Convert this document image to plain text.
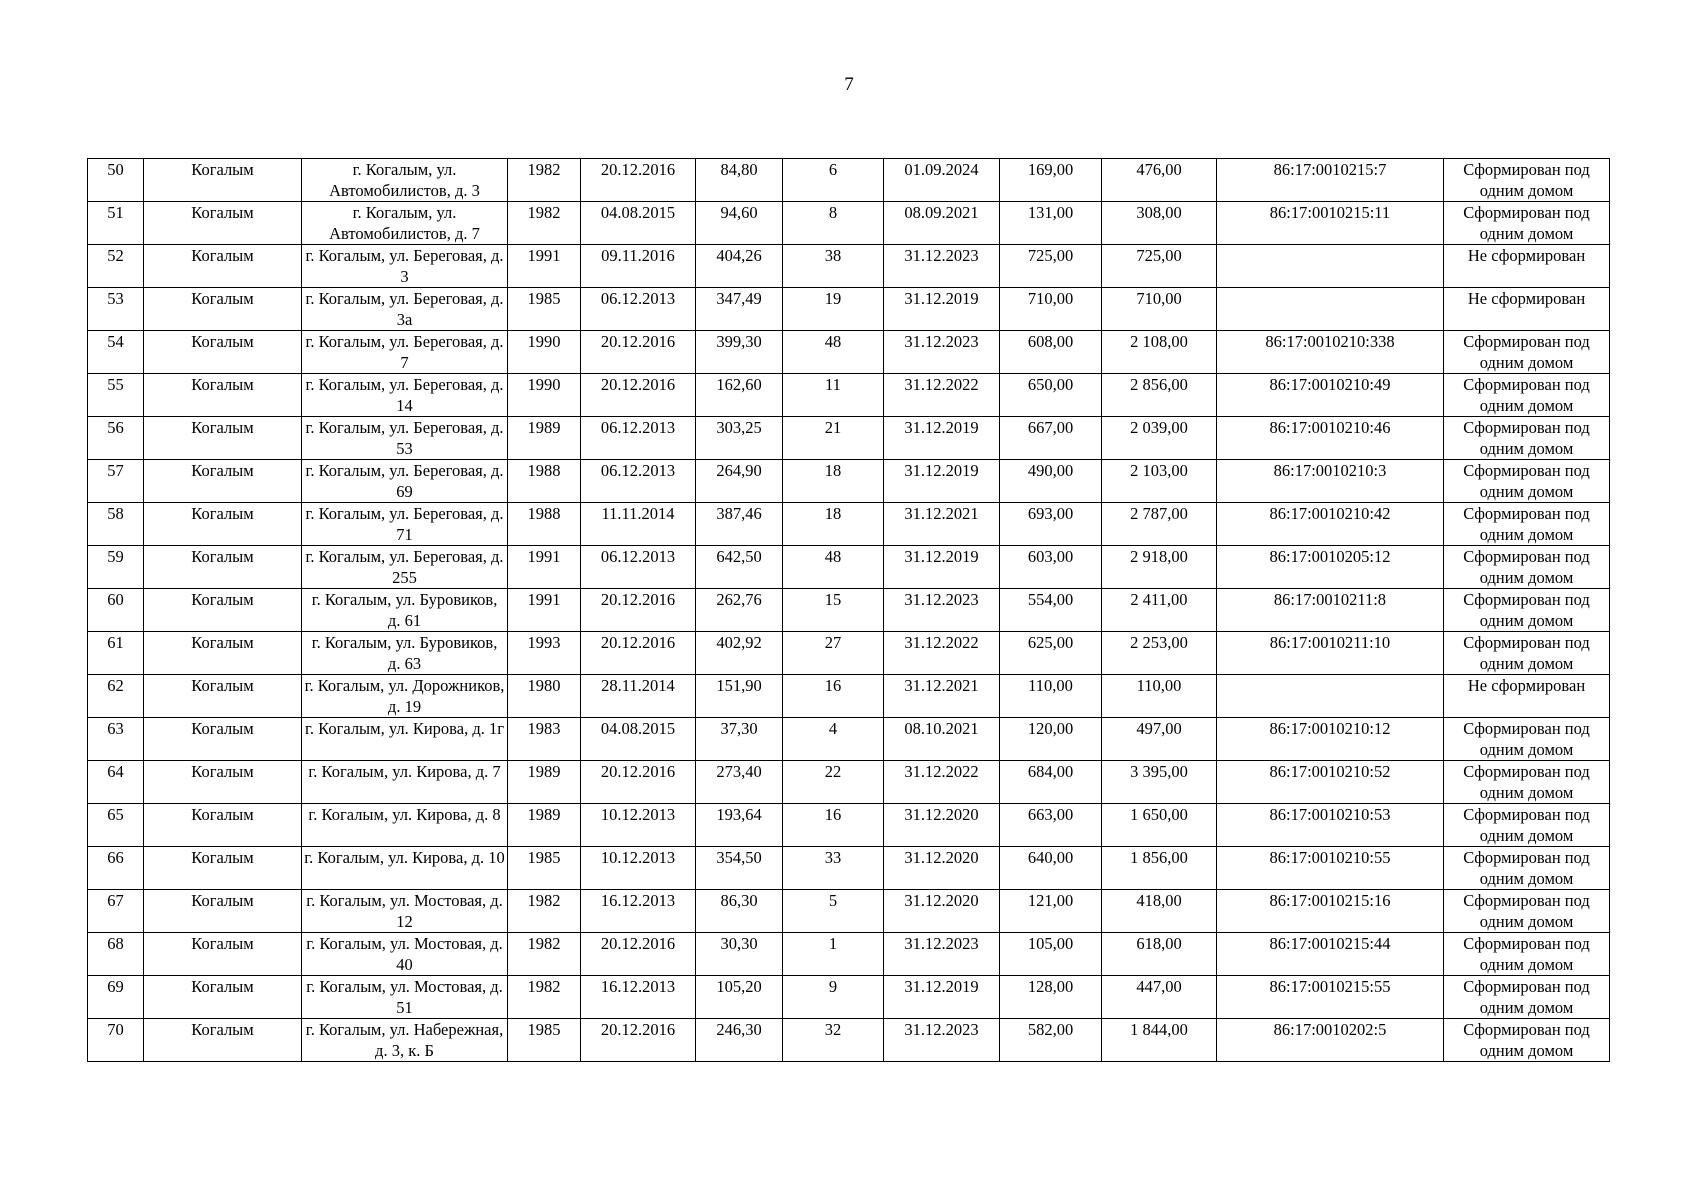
7
50	Когалым	г. Когалым, ул. Автомобилистов, д. 3	1982	20.12.2016	84,80	6	01.09.2024	169,00	476,00	86:17:0010215:7	Сформирован под одним домом
51	Когалым	г. Когалым, ул. Автомобилистов, д. 7	1982	04.08.2015	94,60	8	08.09.2021	131,00	308,00	86:17:0010215:11	Сформирован под одним домом
52	Когалым	г. Когалым, ул. Береговая, д. 3	1991	09.11.2016	404,26	38	31.12.2023	725,00	725,00		Не сформирован
53	Когалым	г. Когалым, ул. Береговая, д. 3а	1985	06.12.2013	347,49	19	31.12.2019	710,00	710,00		Не сформирован
54	Когалым	г. Когалым, ул. Береговая, д. 7	1990	20.12.2016	399,30	48	31.12.2023	608,00	2 108,00	86:17:0010210:338	Сформирован под одним домом
55	Когалым	г. Когалым, ул. Береговая, д. 14	1990	20.12.2016	162,60	11	31.12.2022	650,00	2 856,00	86:17:0010210:49	Сформирован под одним домом
56	Когалым	г. Когалым, ул. Береговая, д. 53	1989	06.12.2013	303,25	21	31.12.2019	667,00	2 039,00	86:17:0010210:46	Сформирован под одним домом
57	Когалым	г. Когалым, ул. Береговая, д. 69	1988	06.12.2013	264,90	18	31.12.2019	490,00	2 103,00	86:17:0010210:3	Сформирован под одним домом
58	Когалым	г. Когалым, ул. Береговая, д. 71	1988	11.11.2014	387,46	18	31.12.2021	693,00	2 787,00	86:17:0010210:42	Сформирован под одним домом
59	Когалым	г. Когалым, ул. Береговая, д. 255	1991	06.12.2013	642,50	48	31.12.2019	603,00	2 918,00	86:17:0010205:12	Сформирован под одним домом
60	Когалым	г. Когалым, ул. Буровиков, д. 61	1991	20.12.2016	262,76	15	31.12.2023	554,00	2 411,00	86:17:0010211:8	Сформирован под одним домом
61	Когалым	г. Когалым, ул. Буровиков, д. 63	1993	20.12.2016	402,92	27	31.12.2022	625,00	2 253,00	86:17:0010211:10	Сформирован под одним домом
62	Когалым	г. Когалым, ул. Дорожников, д. 19	1980	28.11.2014	151,90	16	31.12.2021	110,00	110,00		Не сформирован
63	Когалым	г. Когалым, ул. Кирова, д. 1г	1983	04.08.2015	37,30	4	08.10.2021	120,00	497,00	86:17:0010210:12	Сформирован под одним домом
64	Когалым	г. Когалым, ул. Кирова, д. 7	1989	20.12.2016	273,40	22	31.12.2022	684,00	3 395,00	86:17:0010210:52	Сформирован под одним домом
65	Когалым	г. Когалым, ул. Кирова, д. 8	1989	10.12.2013	193,64	16	31.12.2020	663,00	1 650,00	86:17:0010210:53	Сформирован под одним домом
66	Когалым	г. Когалым, ул. Кирова, д. 10	1985	10.12.2013	354,50	33	31.12.2020	640,00	1 856,00	86:17:0010210:55	Сформирован под одним домом
67	Когалым	г. Когалым, ул. Мостовая, д. 12	1982	16.12.2013	86,30	5	31.12.2020	121,00	418,00	86:17:0010215:16	Сформирован под одним домом
68	Когалым	г. Когалым, ул. Мостовая, д. 40	1982	20.12.2016	30,30	1	31.12.2023	105,00	618,00	86:17:0010215:44	Сформирован под одним домом
69	Когалым	г. Когалым, ул. Мостовая, д. 51	1982	16.12.2013	105,20	9	31.12.2019	128,00	447,00	86:17:0010215:55	Сформирован под одним домом
70	Когалым	г. Когалым, ул. Набережная, д. 3, к. Б	1985	20.12.2016	246,30	32	31.12.2023	582,00	1 844,00	86:17:0010202:5	Сформирован под одним домом
